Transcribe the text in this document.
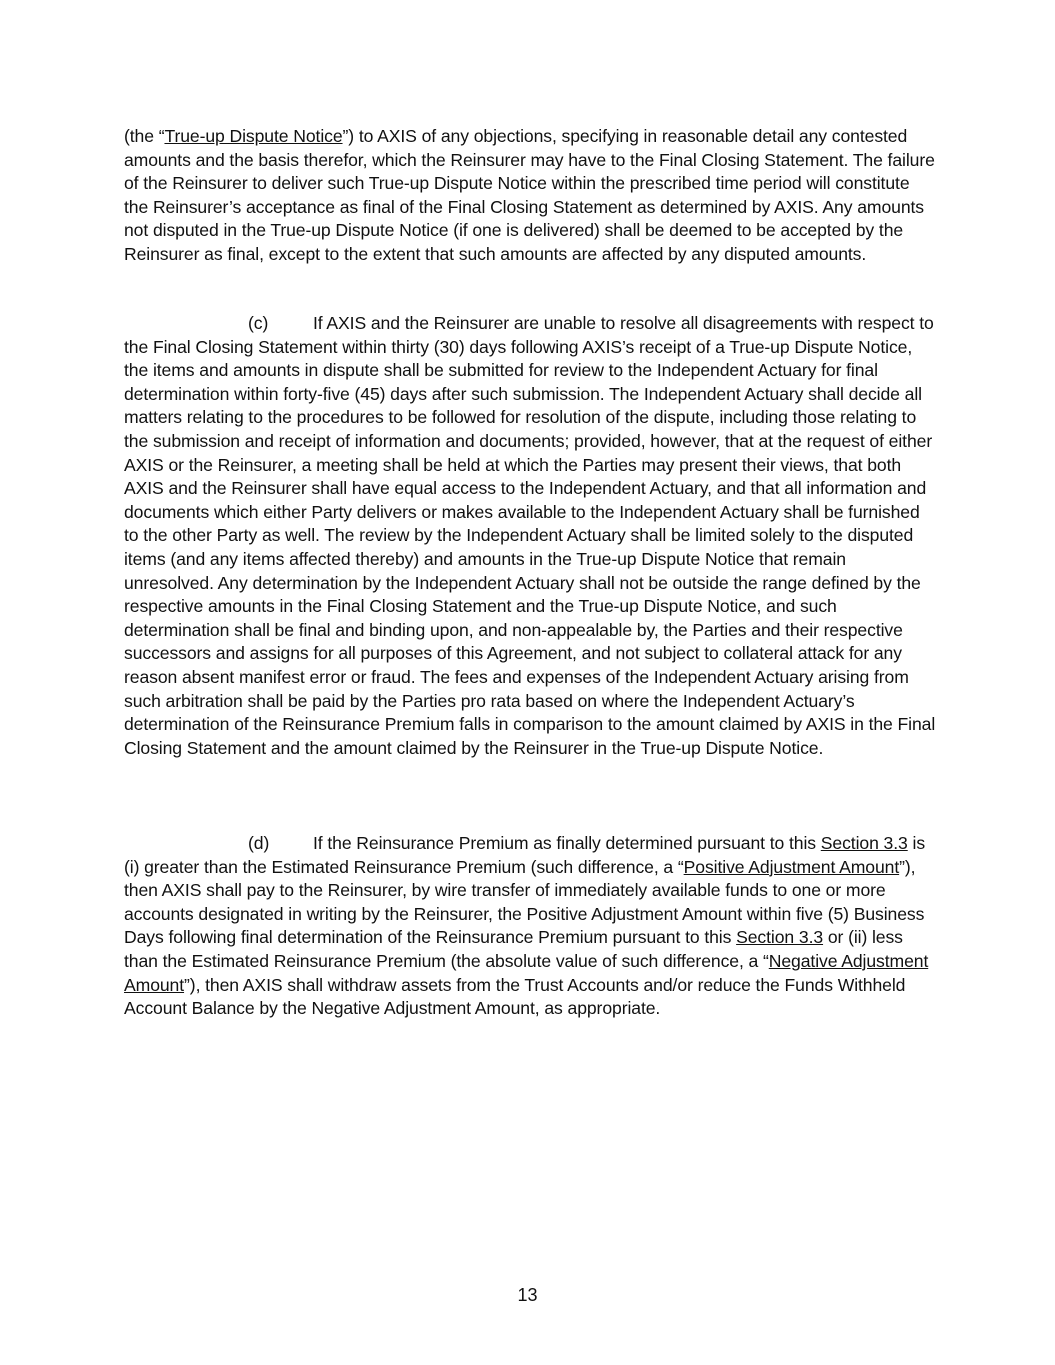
(the “True-up Dispute Notice”) to AXIS of any objections, specifying in reasonable detail any contested amounts and the basis therefor, which the Reinsurer may have to the Final Closing Statement. The failure of the Reinsurer to deliver such True-up Dispute Notice within the prescribed time period will constitute the Reinsurer’s acceptance as final of the Final Closing Statement as determined by AXIS. Any amounts not disputed in the True-up Dispute Notice (if one is delivered) shall be deemed to be accepted by the Reinsurer as final, except to the extent that such amounts are affected by any disputed amounts.

(c)	If AXIS and the Reinsurer are unable to resolve all disagreements with respect to the Final Closing Statement within thirty (30) days following AXIS’s receipt of a True-up Dispute Notice, the items and amounts in dispute shall be submitted for review to the Independent Actuary for final determination within forty-five (45) days after such submission. The Independent Actuary shall decide all matters relating to the procedures to be followed for resolution of the dispute, including those relating to the submission and receipt of information and documents; provided, however, that at the request of either AXIS or the Reinsurer, a meeting shall be held at which the Parties may present their views, that both AXIS and the Reinsurer shall have equal access to the Independent Actuary, and that all information and documents which either Party delivers or makes available to the Independent Actuary shall be furnished to the other Party as well. The review by the Independent Actuary shall be limited solely to the disputed items (and any items affected thereby) and amounts in the True-up Dispute Notice that remain unresolved. Any determination by the Independent Actuary shall not be outside the range defined by the respective amounts in the Final Closing Statement and the True-up Dispute Notice, and such determination shall be final and binding upon, and non-appealable by, the Parties and their respective successors and assigns for all purposes of this Agreement, and not subject to collateral attack for any reason absent manifest error or fraud. The fees and expenses of the Independent Actuary arising from such arbitration shall be paid by the Parties pro rata based on where the Independent Actuary’s determination of the Reinsurance Premium falls in comparison to the amount claimed by AXIS in the Final Closing Statement and the amount claimed by the Reinsurer in the True-up Dispute Notice.

(d) If the Reinsurance Premium as finally determined pursuant to this Section 3.3 is (i) greater than the Estimated Reinsurance Premium (such difference, a “Positive Adjustment Amount”), then AXIS shall pay to the Reinsurer, by wire transfer of immediately available funds to one or more accounts designated in writing by the Reinsurer, the Positive Adjustment Amount within five (5) Business Days following final determination of the Reinsurance Premium pursuant to this Section 3.3 or (ii) less than the Estimated Reinsurance Premium (the absolute value of such difference, a “Negative Adjustment Amount”), then AXIS shall withdraw assets from the Trust Accounts and/or reduce the Funds Withheld Account Balance by the Negative Adjustment Amount, as appropriate.

13
